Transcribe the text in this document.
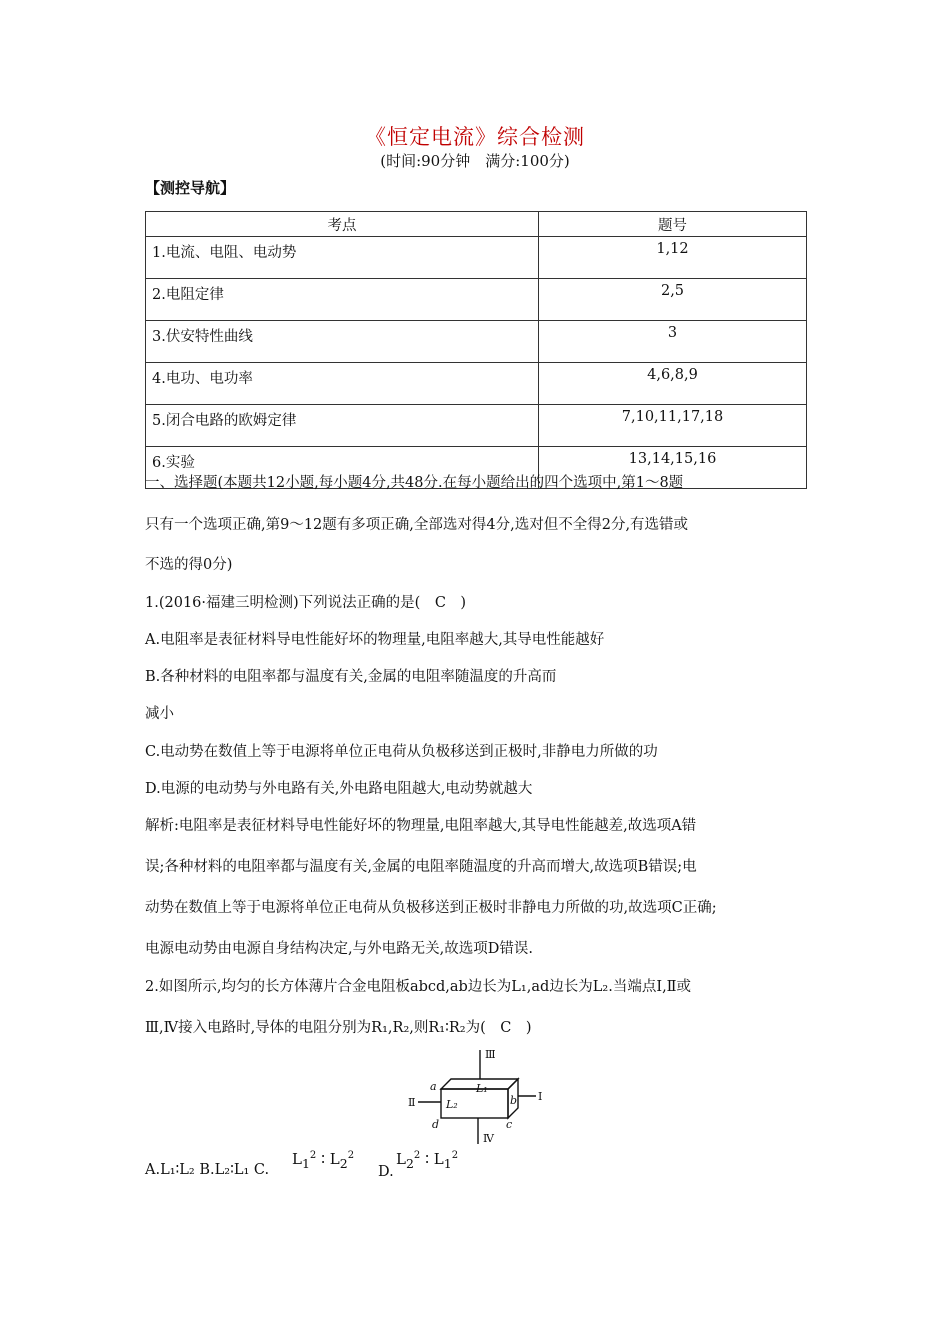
《恒定电流》综合检测
(时间:90分钟　满分:100分)
【测控导航】
考点	题号
1.电流、电阻、电动势	1,12
2.电阻定律	2,5
3.伏安特性曲线	3
4.电功、电功率	4,6,8,9
5.闭合电路的欧姆定律	7,10,11,17,18
6.实验	13,14,15,16
一、选择题(本题共12小题,每小题4分,共48分.在每小题给出的四个选项中,第1～8题
只有一个选项正确,第9～12题有多项正确,全部选对得4分,选对但不全得2分,有选错或
不选的得0分)
1.(2016·福建三明检测)下列说法正确的是(　C　)
A.电阻率是表征材料导电性能好坏的物理量,电阻率越大,其导电性能越好
B.各种材料的电阻率都与温度有关,金属的电阻率随温度的升高而
减小
C.电动势在数值上等于电源将单位正电荷从负极移送到正极时,非静电力所做的功
D.电源的电动势与外电路有关,外电路电阻越大,电动势就越大
解析:电阻率是表征材料导电性能好坏的物理量,电阻率越大,其导电性能越差,故选项A错
误;各种材料的电阻率都与温度有关,金属的电阻率随温度的升高而增大,故选项B错误;电
动势在数值上等于电源将单位正电荷从负极移送到正极时非静电力所做的功,故选项C正确;
电源电动势由电源自身结构决定,与外电路无关,故选项D错误.
2.如图所示,均匀的长方体薄片合金电阻板abcd,ab边长为L₁,ad边长为L₂.当端点Ⅰ,Ⅱ或
Ⅲ,Ⅳ接入电路时,导体的电阻分别为R₁,R₂,则R₁∶R₂为(　C　)
Ⅲ
Ⅳ
Ⅱ	Ⅰ
a
b
c
d
L₁
L₂
A.L₁∶L₂ B.L₂∶L₁ C.
$L_1^2$ ∶ $L_2^2$
D.
$L_2^2$ ∶ $L_1^2$
